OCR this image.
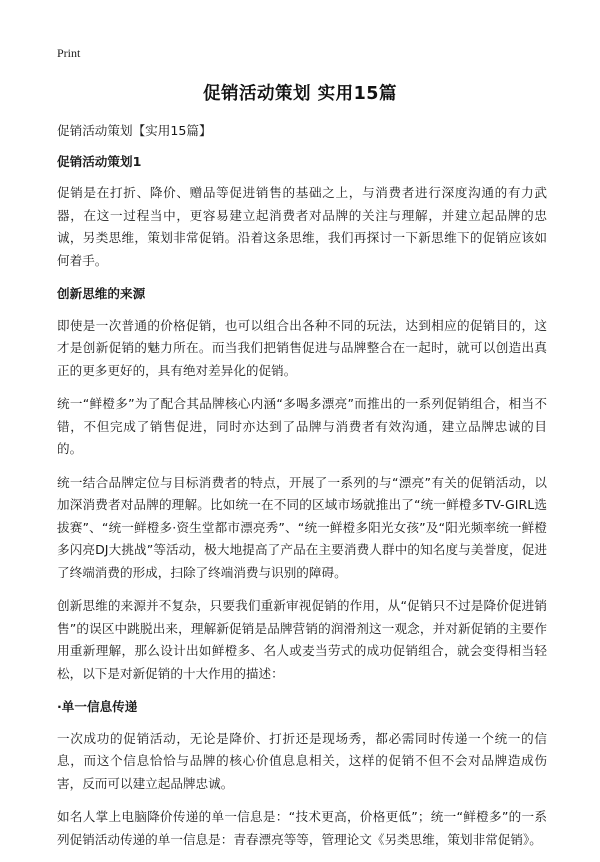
Print
促销活动策划 实用15篇
促销活动策划【实用15篇】
促销活动策划1

促销是在打折、降价、赠品等促进销售的基础之上，与消费者进行深度沟通的有力武器，在这一过程当中，更容易建立起消费者对品牌的关注与理解，并建立起品牌的忠诚，另类思维，策划非常促销。沿着这条思维，我们再探讨一下新思维下的促销应该如何着手。

创新思维的来源

即使是一次普通的价格促销，也可以组合出各种不同的玩法，达到相应的促销目的，这才是创新促销的魅力所在。而当我们把销售促进与品牌整合在一起时，就可以创造出真正的更多更好的，具有绝对差异化的促销。

统一“鲜橙多”为了配合其品牌核心内涵“多喝多漂亮”而推出的一系列促销组合，相当不错，不但完成了销售促进，同时亦达到了品牌与消费者有效沟通，建立品牌忠诚的目的。

统一结合品牌定位与目标消费者的特点，开展了一系列的与“漂亮”有关的促销活动，以加深消费者对品牌的理解。比如统一在不同的区域市场就推出了“统一鲜橙多TV-GIRL选拔赛”、“统一鲜橙多·资生堂都市漂亮秀”、“统一鲜橙多阳光女孩”及“阳光频率统一鲜橙多闪亮DJ大挑战”等活动，极大地提高了产品在主要消费人群中的知名度与美誉度，促进了终端消费的形成，扫除了终端消费与识别的障碍。

创新思维的来源并不复杂，只要我们重新审视促销的作用，从“促销只不过是降价促进销售”的误区中跳脱出来，理解新促销是品牌营销的润滑剂这一观念，并对新促销的主要作用重新理解，那么设计出如鲜橙多、名人或麦当劳式的成功促销组合，就会变得相当轻松，以下是对新促销的十大作用的描述：

·单一信息传递

一次成功的促销活动，无论是降价、打折还是现场秀，都必需同时传递一个统一的信息，而这个信息恰恰与品牌的核心价值息息相关，这样的促销不但不会对品牌造成伤害，反而可以建立起品牌忠诚。

如名人掌上电脑降价传递的单一信息是：“技术更高，价格更低”；统一“鲜橙多”的一系列促销活动传递的单一信息是：青春漂亮等等，管理论文《另类思维，策划非常促销》。
